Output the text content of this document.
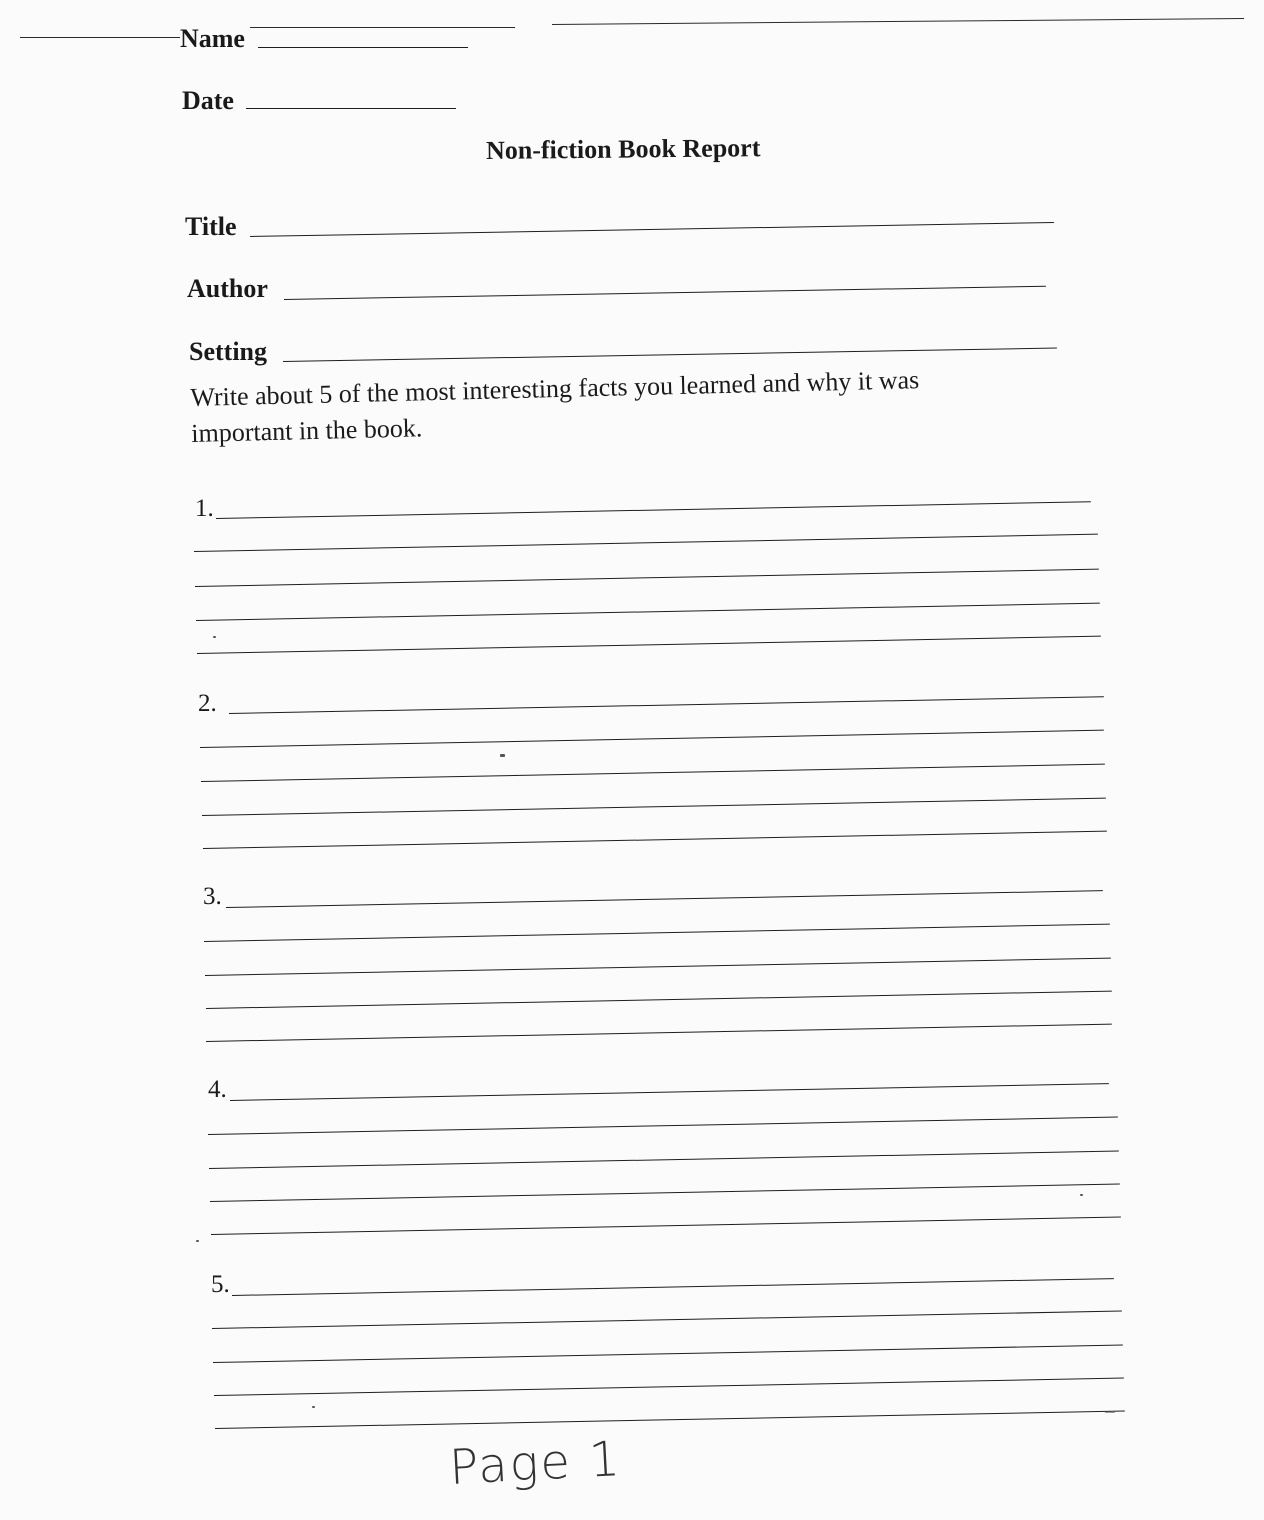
Name
Date
Non-fiction Book Report
Title
Author
Setting
Write about 5 of the most interesting facts you learned and why it was important in the book.
1.
2.
3.
4.
5.
Page 1
